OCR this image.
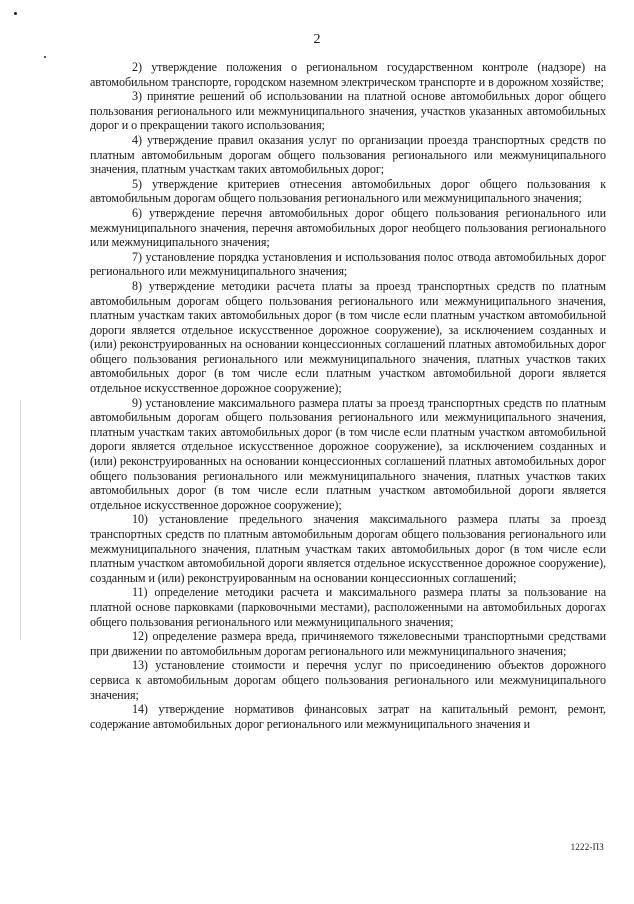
2

2) утверждение положения о региональном государственном контроле (надзоре) на автомобильном транспорте, городском наземном электрическом транспорте и в дорожном хозяйстве;

3) принятие решений об использовании на платной основе автомобильных дорог общего пользования регионального или межмуниципального значения, участков указанных автомобильных дорог и о прекращении такого использования;

4) утверждение правил оказания услуг по организации проезда транспортных средств по платным автомобильным дорогам общего пользования регионального или межмуниципального значения, платным участкам таких автомобильных дорог;

5) утверждение критериев отнесения автомобильных дорог общего пользования к автомобильным дорогам общего пользования регионального или межмуниципального значения;

6) утверждение перечня автомобильных дорог общего пользования регионального или межмуниципального значения, перечня автомобильных дорог необщего пользования регионального или межмуниципального значения;

7) установление порядка установления и использования полос отвода автомобильных дорог регионального или межмуниципального значения;

8) утверждение методики расчета платы за проезд транспортных средств по платным автомобильным дорогам общего пользования регионального или межмуниципального значения, платным участкам таких автомобильных дорог (в том числе если платным участком автомобильной дороги является отдельное искусственное дорожное сооружение), за исключением созданных и (или) реконструированных на основании концессионных соглашений платных автомобильных дорог общего пользования регионального или межмуниципального значения, платных участков таких автомобильных дорог (в том числе если платным участком автомобильной дороги является отдельное искусственное дорожное сооружение);

9) установление максимального размера платы за проезд транспортных средств по платным автомобильным дорогам общего пользования регионального или межмуниципального значения, платным участкам таких автомобильных дорог (в том числе если платным участком автомобильной дороги является отдельное искусственное дорожное сооружение), за исключением созданных и (или) реконструированных на основании концессионных соглашений платных автомобильных дорог общего пользования регионального или межмуниципального значения, платных участков таких автомобильных дорог (в том числе если платным участком автомобильной дороги является отдельное искусственное дорожное сооружение);

10) установление предельного значения максимального размера платы за проезд транспортных средств по платным автомобильным дорогам общего пользования регионального или межмуниципального значения, платным участкам таких автомобильных дорог (в том числе если платным участком автомобильной дороги является отдельное искусственное дорожное сооружение), созданным и (или) реконструированным на основании концессионных соглашений;

11) определение методики расчета и максимального размера платы за пользование на платной основе парковками (парковочными местами), расположенными на автомобильных дорогах общего пользования регионального или межмуниципального значения;

12) определение размера вреда, причиняемого тяжеловесными транспортными средствами при движении по автомобильным дорогам регионального или межмуниципального значения;

13) установление стоимости и перечня услуг по присоединению объектов дорожного сервиса к автомобильным дорогам общего пользования регионального или межмуниципального значения;

14) утверждение нормативов финансовых затрат на капитальный ремонт, ремонт, содержание автомобильных дорог регионального или межмуниципального значения и

1222-ПЗ
